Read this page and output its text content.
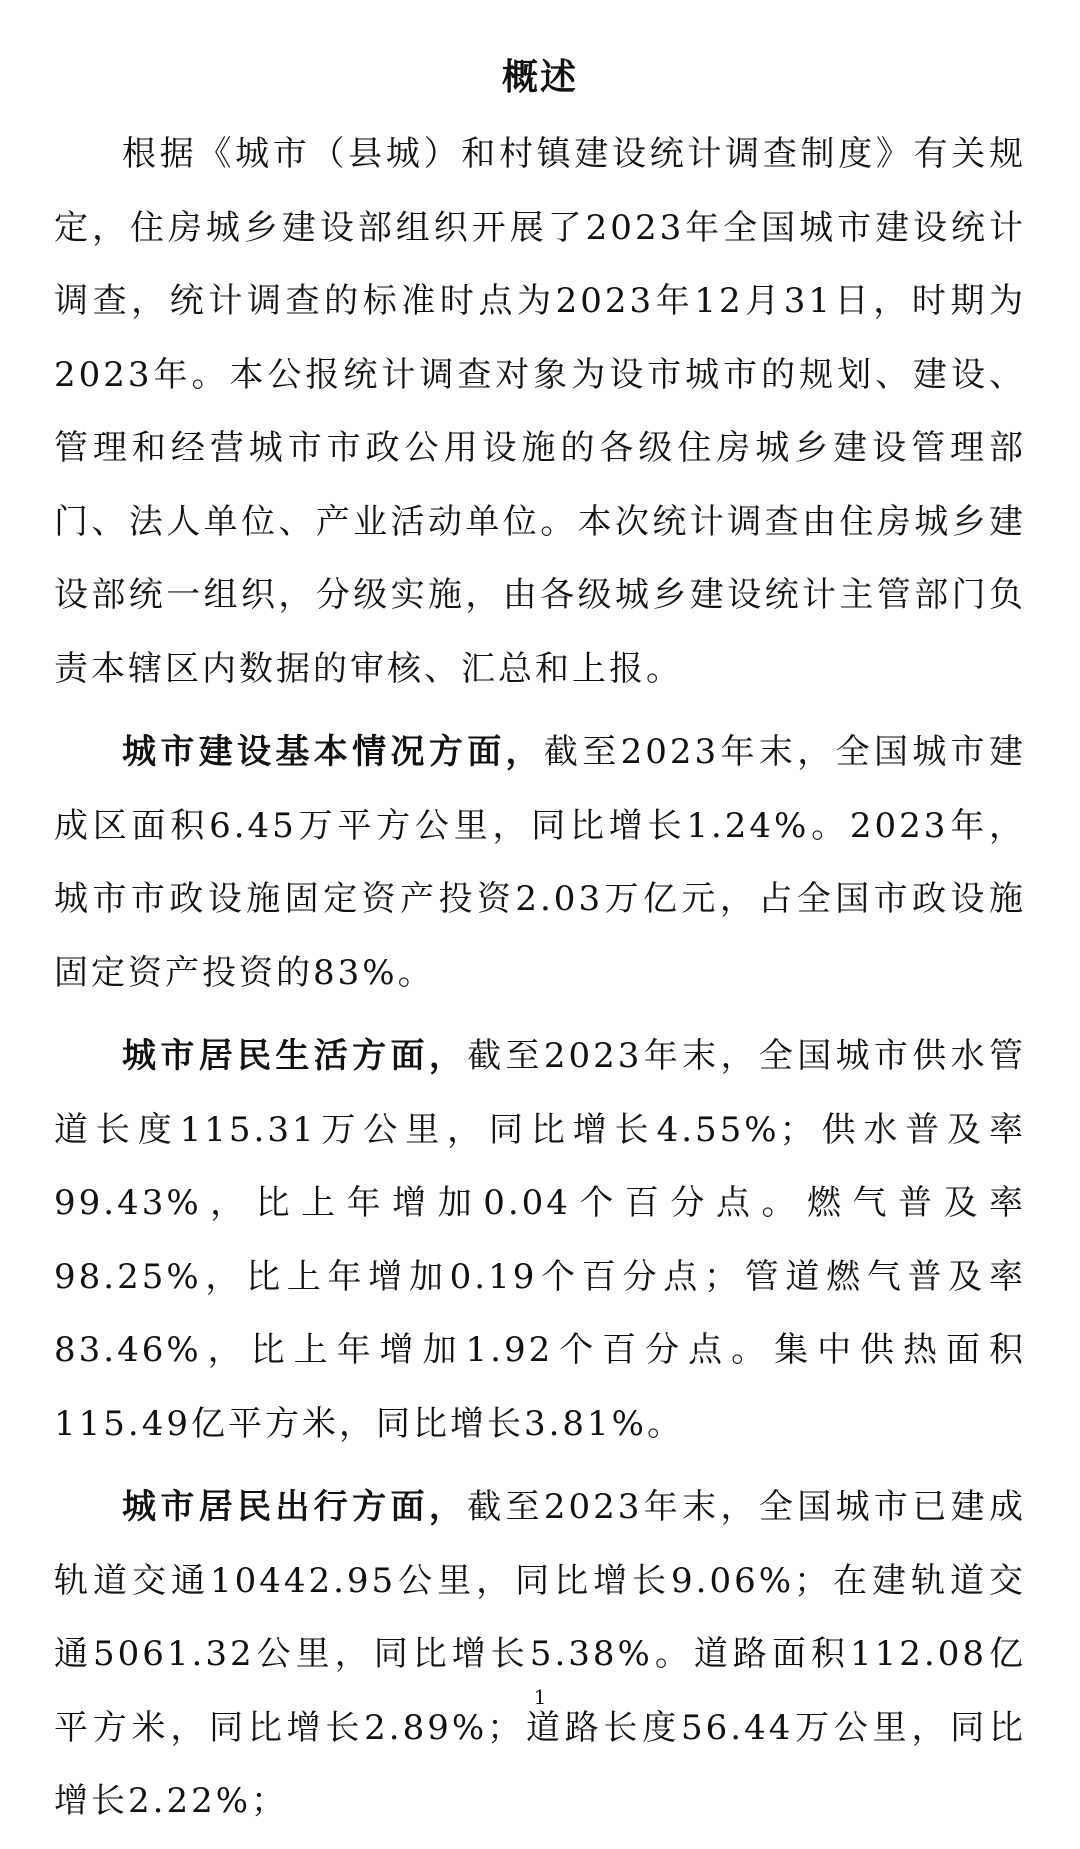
概述

根据《城市（县城）和村镇建设统计调查制度》有关规定，住房城乡建设部组织开展了2023年全国城市建设统计调查，统计调查的标准时点为2023年12月31日，时期为2023年。本公报统计调查对象为设市城市的规划、建设、管理和经营城市市政公用设施的各级住房城乡建设管理部门、法人单位、产业活动单位。本次统计调查由住房城乡建设部统一组织，分级实施，由各级城乡建设统计主管部门负责本辖区内数据的审核、汇总和上报。

城市建设基本情况方面，截至2023年末，全国城市建成区面积6.45万平方公里，同比增长1.24%。2023年，城市市政设施固定资产投资2.03万亿元，占全国市政设施固定资产投资的83%。

城市居民生活方面，截至2023年末，全国城市供水管道长度115.31万公里，同比增长4.55%；供水普及率99.43%，比上年增加0.04个百分点。燃气普及率98.25%，比上年增加0.19个百分点；管道燃气普及率83.46%，比上年增加1.92个百分点。集中供热面积115.49亿平方米，同比增长3.81%。

城市居民出行方面，截至2023年末，全国城市已建成轨道交通10442.95公里，同比增长9.06%；在建轨道交通5061.32公里，同比增长5.38%。道路面积112.08亿平方米，同比增长2.89%；道路长度56.44万公里，同比增长2.22%；

1
